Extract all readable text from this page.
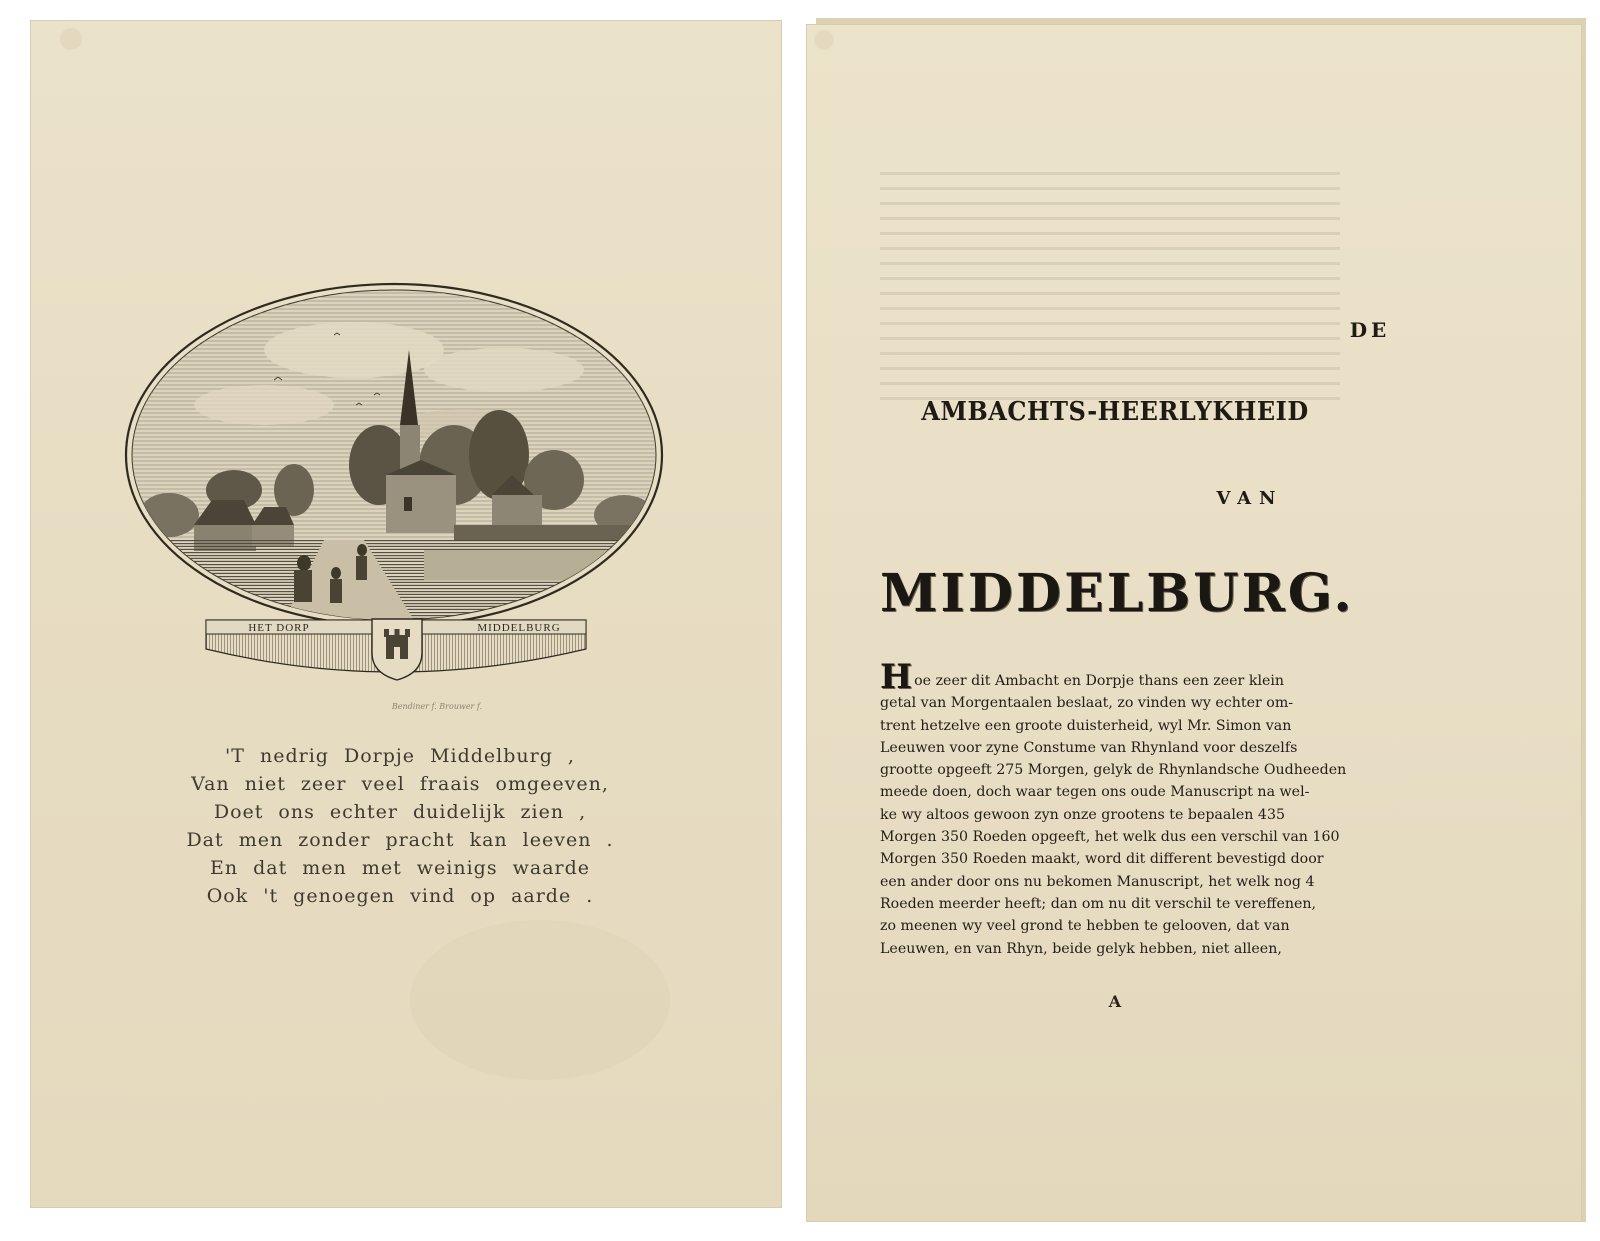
HET DORP	MIDDELBURG
Bendiner f. Brouwer f.
'T nedrig Dorpje Middelburg ,
Van niet zeer veel fraais omgeeven,
Doet ons echter duidelijk zien ,
Dat men zonder pracht kan leeven .
En dat men met weinigs waarde
Ook 't genoegen vind op aarde .
DE
AMBACHTS-HEERLYKHEID
VAN
MIDDELBURG.
H oe zeer dit Ambacht en Dorpje thans een zeer klein
getal van Morgentaalen beslaat, zo vinden wy echter om-
trent hetzelve een groote duisterheid, wyl Mr. Simon van
Leeuwen voor zyne Constume van Rhynland voor deszelfs
grootte opgeeft 275 Morgen, gelyk de Rhynlandsche Oudheeden
meede doen, doch waar tegen ons oude Manuscript na wel-
ke wy altoos gewoon zyn onze grootens te bepaalen 435
Morgen 350 Roeden opgeeft, het welk dus een verschil van 160
Morgen 350 Roeden maakt, word dit different bevestigd door
een ander door ons nu bekomen Manuscript, het welk nog 4
Roeden meerder heeft; dan om nu dit verschil te vereffenen,
zo meenen wy veel grond te hebben te gelooven, dat van
Leeuwen, en van Rhyn, beide gelyk hebben, niet alleen,
A
